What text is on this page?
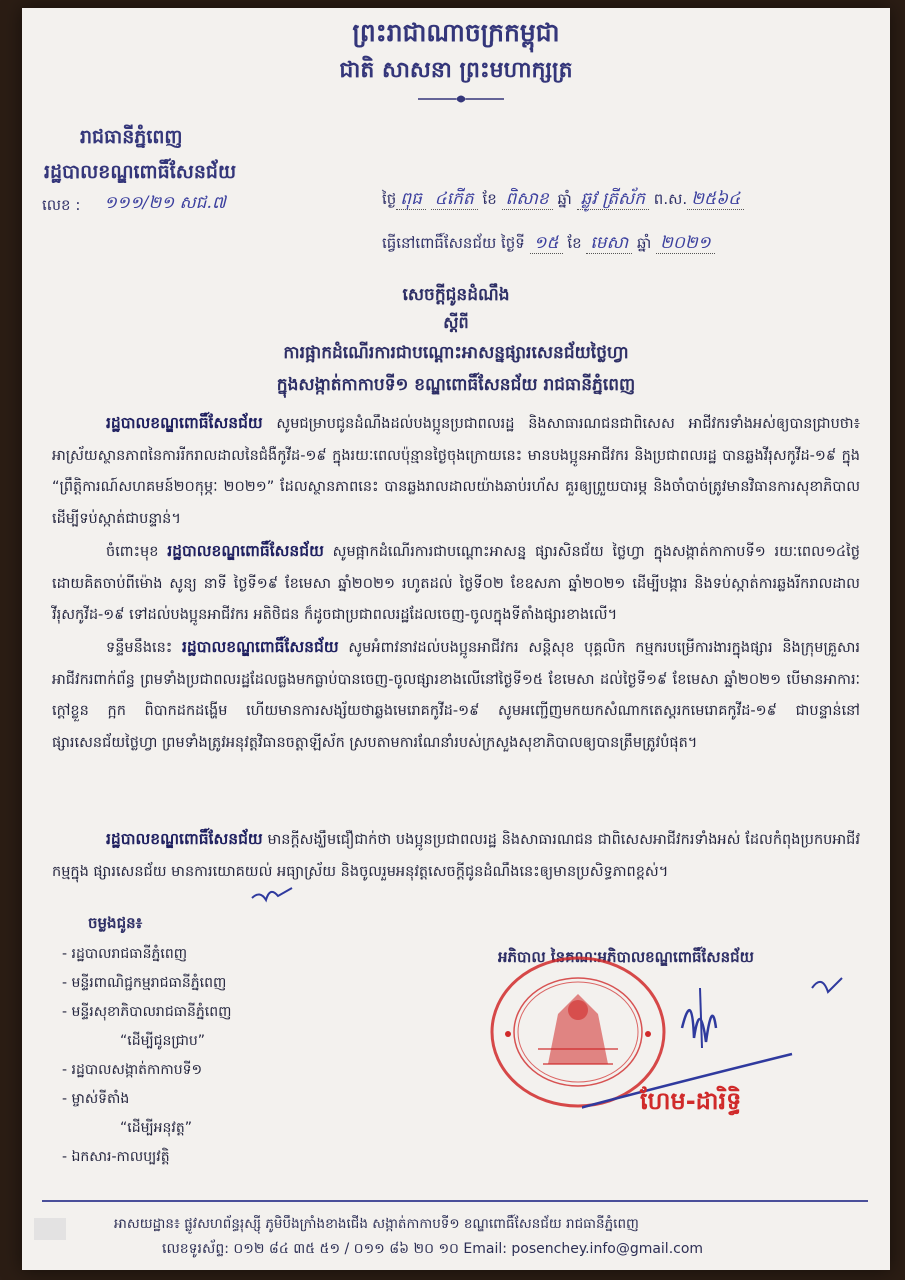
ព្រះរាជាណាចក្រកម្ពុជា
ជាតិ សាសនា ព្រះមហាក្សត្រ
រាជធានីភ្នំពេញ
រដ្ឋបាលខណ្ឌពោធិ៍សែនជ័យ
លេខ : ១១១/២១ សជ.៧	ថ្ងៃ ពុធ ៤កើត ខែ ពិសាខ ឆ្នាំ ឆ្លូវ ត្រីស័ក ព.ស. ២៥៦៤
ធ្វើនៅពោធិ៍សែនជ័យ ថ្ងៃទី ១៥ ខែ មេសា ឆ្នាំ ២០២១
សេចក្ដីជូនដំណឹង
ស្ដីពី
ការផ្អាកដំណើរការជាបណ្ដោះអាសន្នផ្សារសេនជ័យថ្លៃហ្វា
ក្នុងសង្កាត់កាកាបទី១ ខណ្ឌពោធិ៍សែនជ័យ រាជធានីភ្នំពេញ
រដ្ឋបាលខណ្ឌពោធិ៍សែនជ័យ សូមជម្រាបជូនដំណឹងដល់បងប្អូនប្រជាពលរដ្ឋ និងសាធារណជនជាពិសេស អាជីវករទាំងអស់ឲ្យបានជ្រាបថា៖ អាស្រ័យស្ថានភាពនៃការរីករាលដាលនៃជំងឺកូវីដ-១៩ ក្នុងរយៈពេលប៉ុន្មានថ្ងៃចុងក្រោយនេះ មានបងប្អូនអាជីវករ និងប្រជាពលរដ្ឋ បានឆ្លងវីរុសកូវីដ-១៩ ក្នុង “ព្រឹត្តិការណ៍សហគមន៍២០កុម្ភៈ ២០២១” ដែលស្ថានភាពនេះ បានឆ្លងរាលដាលយ៉ាងឆាប់រហ័ស គួរឲ្យព្រួយបារម្ភ និងចាំបាច់ត្រូវមានវិធានការសុខាភិបាលដើម្បីទប់ស្កាត់ជាបន្ទាន់។
ចំពោះមុខ រដ្ឋបាលខណ្ឌពោធិ៍សែនជ័យ សូមផ្អាកដំណើរការជាបណ្ដោះអាសន្ន ផ្សារសិនជ័យ ថ្លៃហ្វា ក្នុងសង្កាត់កាកាបទី១ រយៈពេល១៤ថ្ងៃ ដោយគិតចាប់ពីម៉ោង សូន្យ នាទី ថ្ងៃទី១៩ ខែមេសា ឆ្នាំ២០២១ រហូតដល់ ថ្ងៃទី០២ ខែឧសភា ឆ្នាំ២០២១ ដើម្បីបង្ការ និងទប់ស្កាត់ការឆ្លងរីករាលដាលវីរុសកូវីដ-១៩ ទៅដល់បងប្អូនអាជីវករ អតិថិជន ក៏ដូចជាប្រជាពលរដ្ឋដែលចេញ-ចូលក្នុងទីតាំងផ្សារខាងលើ។
ទន្ទឹមនឹងនេះ រដ្ឋបាលខណ្ឌពោធិ៍សែនជ័យ សូមអំពាវនាវដល់បងប្អូនអាជីវករ សន្តិសុខ បុគ្គលិក កម្មករបម្រើការងារក្នុងផ្សារ និងក្រុមគ្រួសារអាជីវករពាក់ព័ន្ធ ព្រមទាំងប្រជាពលរដ្ឋដែលធ្លងមកធ្លាប់បានចេញ-ចូលផ្សារខាងលើនៅថ្ងៃទី១៥ ខែមេសា ដល់ថ្ងៃទី១៩ ខែមេសា ឆ្នាំ២០២១ បើមានអាការៈក្ដៅខ្លួន ក្អក ពិបាកដកដង្ហើម ហើយមានការសង្ស័យថាឆ្លងមេរោគកូវីដ-១៩ សូមអញ្ជើញមកយកសំណាកតេស្តរកមេរោគកូវីដ-១៩ ជាបន្ទាន់នៅផ្សារសេនជ័យថ្លៃហ្វា ព្រមទាំងត្រូវអនុវត្តវិធានចត្តាឡីស័ក ស្របតាមការណែនាំរបស់ក្រសួងសុខាភិបាលឲ្យបានត្រឹមត្រូវបំផុត។
រដ្ឋបាលខណ្ឌពោធិ៍សែនជ័យ មានក្ដីសង្ឃឹមជឿជាក់ថា បងប្អូនប្រជាពលរដ្ឋ និងសាធារណជន ជាពិសេសអាជីវករទាំងអស់ ដែលកំពុងប្រកបអាជីវកម្មក្នុង ផ្សារសេនជ័យ មានការយោគយល់ អធ្យាស្រ័យ និងចូលរួមអនុវត្តសេចក្ដីជូនដំណឹងនេះឲ្យមានប្រសិទ្ធភាពខ្ពស់។
ចម្លងជូន៖
- រដ្ឋបាលរាជធានីភ្នំពេញ
- មន្ទីរពាណិជ្ជកម្មរាជធានីភ្នំពេញ
- មន្ទីរសុខាភិបាលរាជធានីភ្នំពេញ
“ដើម្បីជូនជ្រាប”
- រដ្ឋបាលសង្កាត់កាកាបទី១
- ម្ចាស់ទីតាំង
“ដើម្បីអនុវត្ត”
- ឯកសារ-កាលប្បវត្តិ
អភិបាល នៃគណៈអភិបាលខណ្ឌពោធិ៍សែនជ័យ
ហែម-ដារិទ្ធិ
អាសយដ្ឋាន៖ ផ្លូវសហព័ន្ធរុស្ស៊ី ភូមិបឹងក្រាំងខាងជើង សង្កាត់កាកាបទី១ ខណ្ឌពោធិ៍សែនជ័យ រាជធានីភ្នំពេញ
លេខទូរស័ព្ទ: ០១២ ៨៤ ៣៥ ៥១ / ០១១ ៨៦ ២០ ១០ Email: posenchey.info@gmail.com
